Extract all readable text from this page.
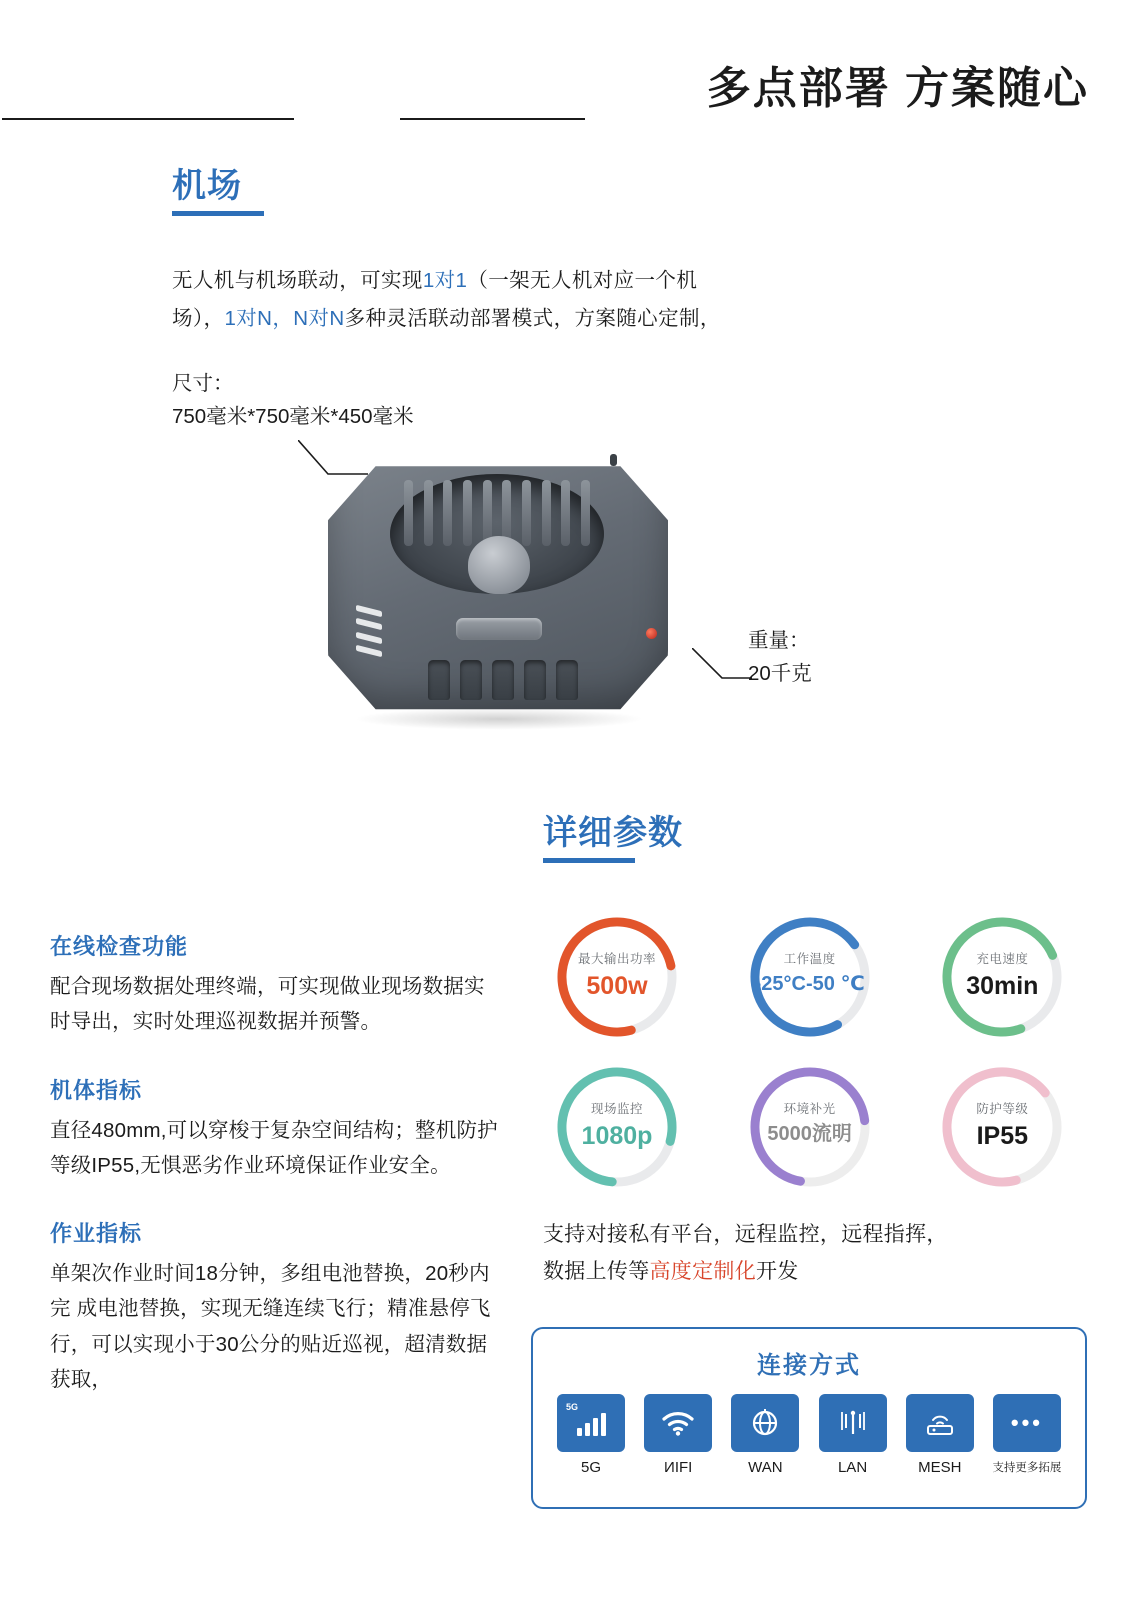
多点部署 方案随心
机场
无人机与机场联动，可实现1对1（一架无人机对应一个机
场），1对N，N对N多种灵活联动部署模式，方案随心定制，
尺寸：
750毫米*750毫米*450毫米
重量：
20千克
详细参数
最大输出功率
500w
工作温度
-25°C-50 ℃
充电速度
30min
现场监控
1080p
环境补光
5000流明
防护等级
IP55
支持对接私有平台，远程监控，远程指挥，
数据上传等高度定制化开发
连接方式
5G
5G	ИIFI	WAN	LAN	MESH
•••
支持更多拓展
在线检查功能

配合现场数据处理终端，可实现做业现场数据实时导出，实时处理巡视数据并预警。

机体指标

直径480mm,可以穿梭于复杂空间结构；整机防护等级IP55,无惧恶劣作业环境保证作业安全。

作业指标

单架次作业时间18分钟，多组电池替换，20秒内完 成电池替换，实现无缝连续飞行；精准悬停飞行，可以实现小于30公分的贴近巡视，超清数据获取，
